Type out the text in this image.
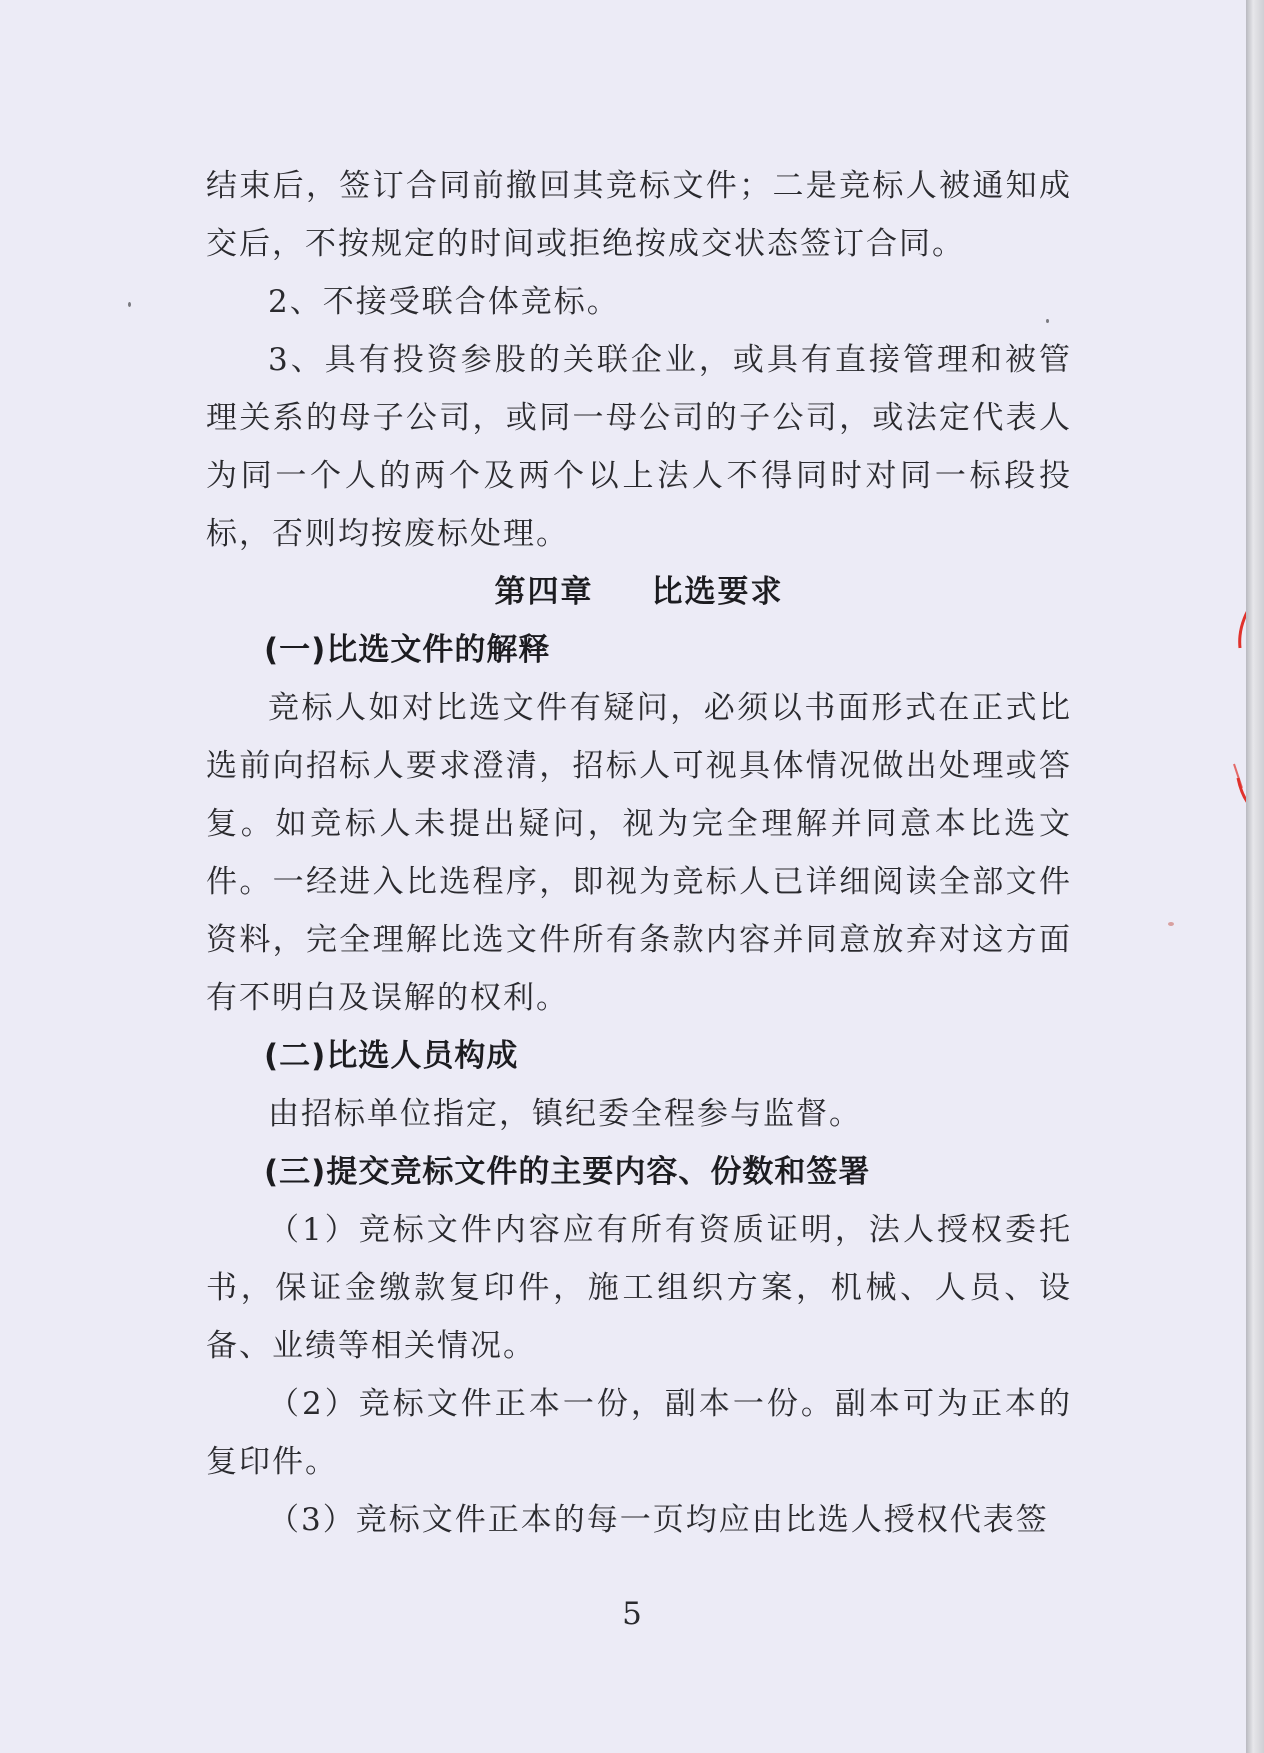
结束后，签订合同前撤回其竞标文件；二是竞标人被通知成交后，不按规定的时间或拒绝按成交状态签订合同。

2、不接受联合体竞标。

3、具有投资参股的关联企业，或具有直接管理和被管理关系的母子公司，或同一母公司的子公司，或法定代表人为同一个人的两个及两个以上法人不得同时对同一标段投标，否则均按废标处理。

第四章 比选要求

(一)比选文件的解释

竞标人如对比选文件有疑问，必须以书面形式在正式比选前向招标人要求澄清，招标人可视具体情况做出处理或答复。如竞标人未提出疑问，视为完全理解并同意本比选文件。一经进入比选程序，即视为竞标人已详细阅读全部文件资料，完全理解比选文件所有条款内容并同意放弃对这方面有不明白及误解的权利。

(二)比选人员构成

由招标单位指定，镇纪委全程参与监督。

(三)提交竞标文件的主要内容、份数和签署

（1）竞标文件内容应有所有资质证明，法人授权委托书，保证金缴款复印件，施工组织方案，机械、人员、设备、业绩等相关情况。

（2）竞标文件正本一份，副本一份。副本可为正本的复印件。

（3）竞标文件正本的每一页均应由比选人授权代表签

5
